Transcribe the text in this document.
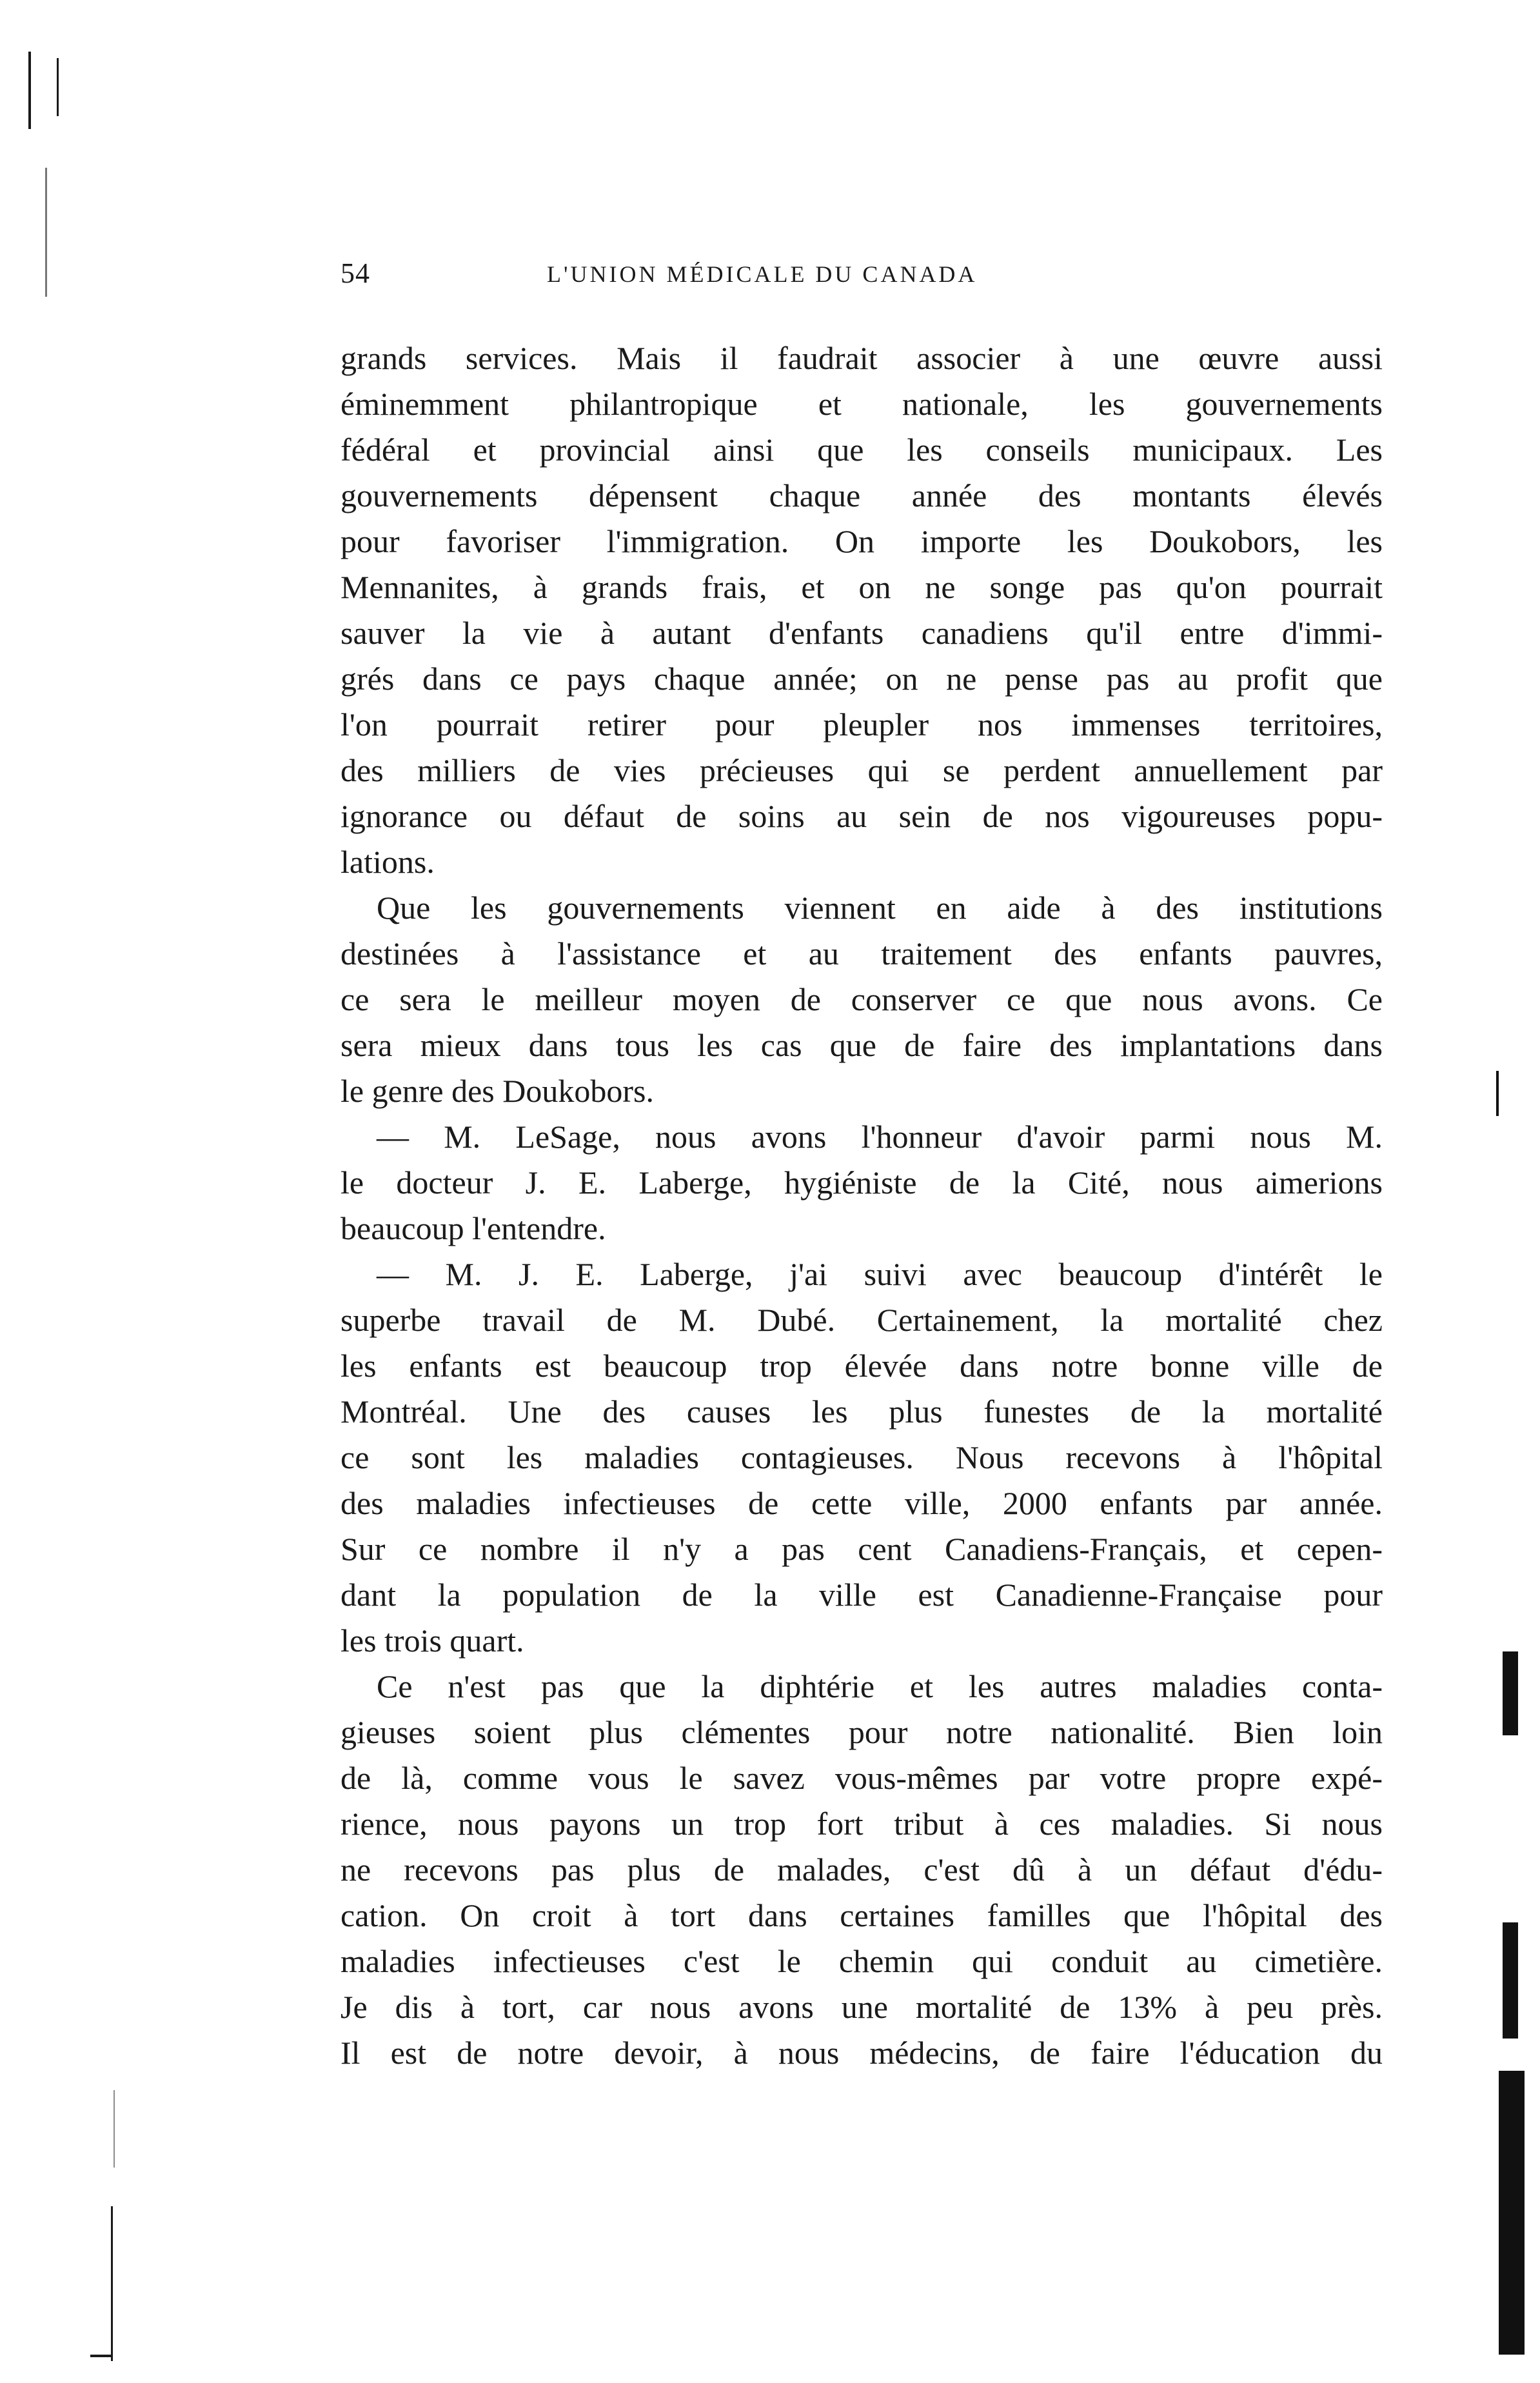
54	L'UNION MÉDICALE DU CANADA
grands services. Mais il faudrait associer à une œuvre aussi
éminemment philantropique et nationale, les gouvernements
fédéral et provincial ainsi que les conseils municipaux. Les
gouvernements dépensent chaque année des montants élevés
pour favoriser l'immigration. On importe les Doukobors, les
Mennanites, à grands frais, et on ne songe pas qu'on pourrait
sauver la vie à autant d'enfants canadiens qu'il entre d'immi-
grés dans ce pays chaque année; on ne pense pas au profit que
l'on pourrait retirer pour pleupler nos immenses territoires,
des milliers de vies précieuses qui se perdent annuellement par
ignorance ou défaut de soins au sein de nos vigoureuses popu-
lations.
Que les gouvernements viennent en aide à des institutions
destinées à l'assistance et au traitement des enfants pauvres,
ce sera le meilleur moyen de conserver ce que nous avons. Ce
sera mieux dans tous les cas que de faire des implantations dans
le genre des Doukobors.
— M. LeSage, nous avons l'honneur d'avoir parmi nous M.
le docteur J. E. Laberge, hygiéniste de la Cité, nous aimerions
beaucoup l'entendre.
— M. J. E. Laberge, j'ai suivi avec beaucoup d'intérêt le
superbe travail de M. Dubé. Certainement, la mortalité chez
les enfants est beaucoup trop élevée dans notre bonne ville de
Montréal. Une des causes les plus funestes de la mortalité
ce sont les maladies contagieuses. Nous recevons à l'hôpital
des maladies infectieuses de cette ville, 2000 enfants par année.
Sur ce nombre il n'y a pas cent Canadiens-Français, et cepen-
dant la population de la ville est Canadienne-Française pour
les trois quart.
Ce n'est pas que la diphtérie et les autres maladies conta-
gieuses soient plus clémentes pour notre nationalité. Bien loin
de là, comme vous le savez vous-mêmes par votre propre expé-
rience, nous payons un trop fort tribut à ces maladies. Si nous
ne recevons pas plus de malades, c'est dû à un défaut d'édu-
cation. On croit à tort dans certaines familles que l'hôpital des
maladies infectieuses c'est le chemin qui conduit au cimetière.
Je dis à tort, car nous avons une mortalité de 13% à peu près.
Il est de notre devoir, à nous médecins, de faire l'éducation du
